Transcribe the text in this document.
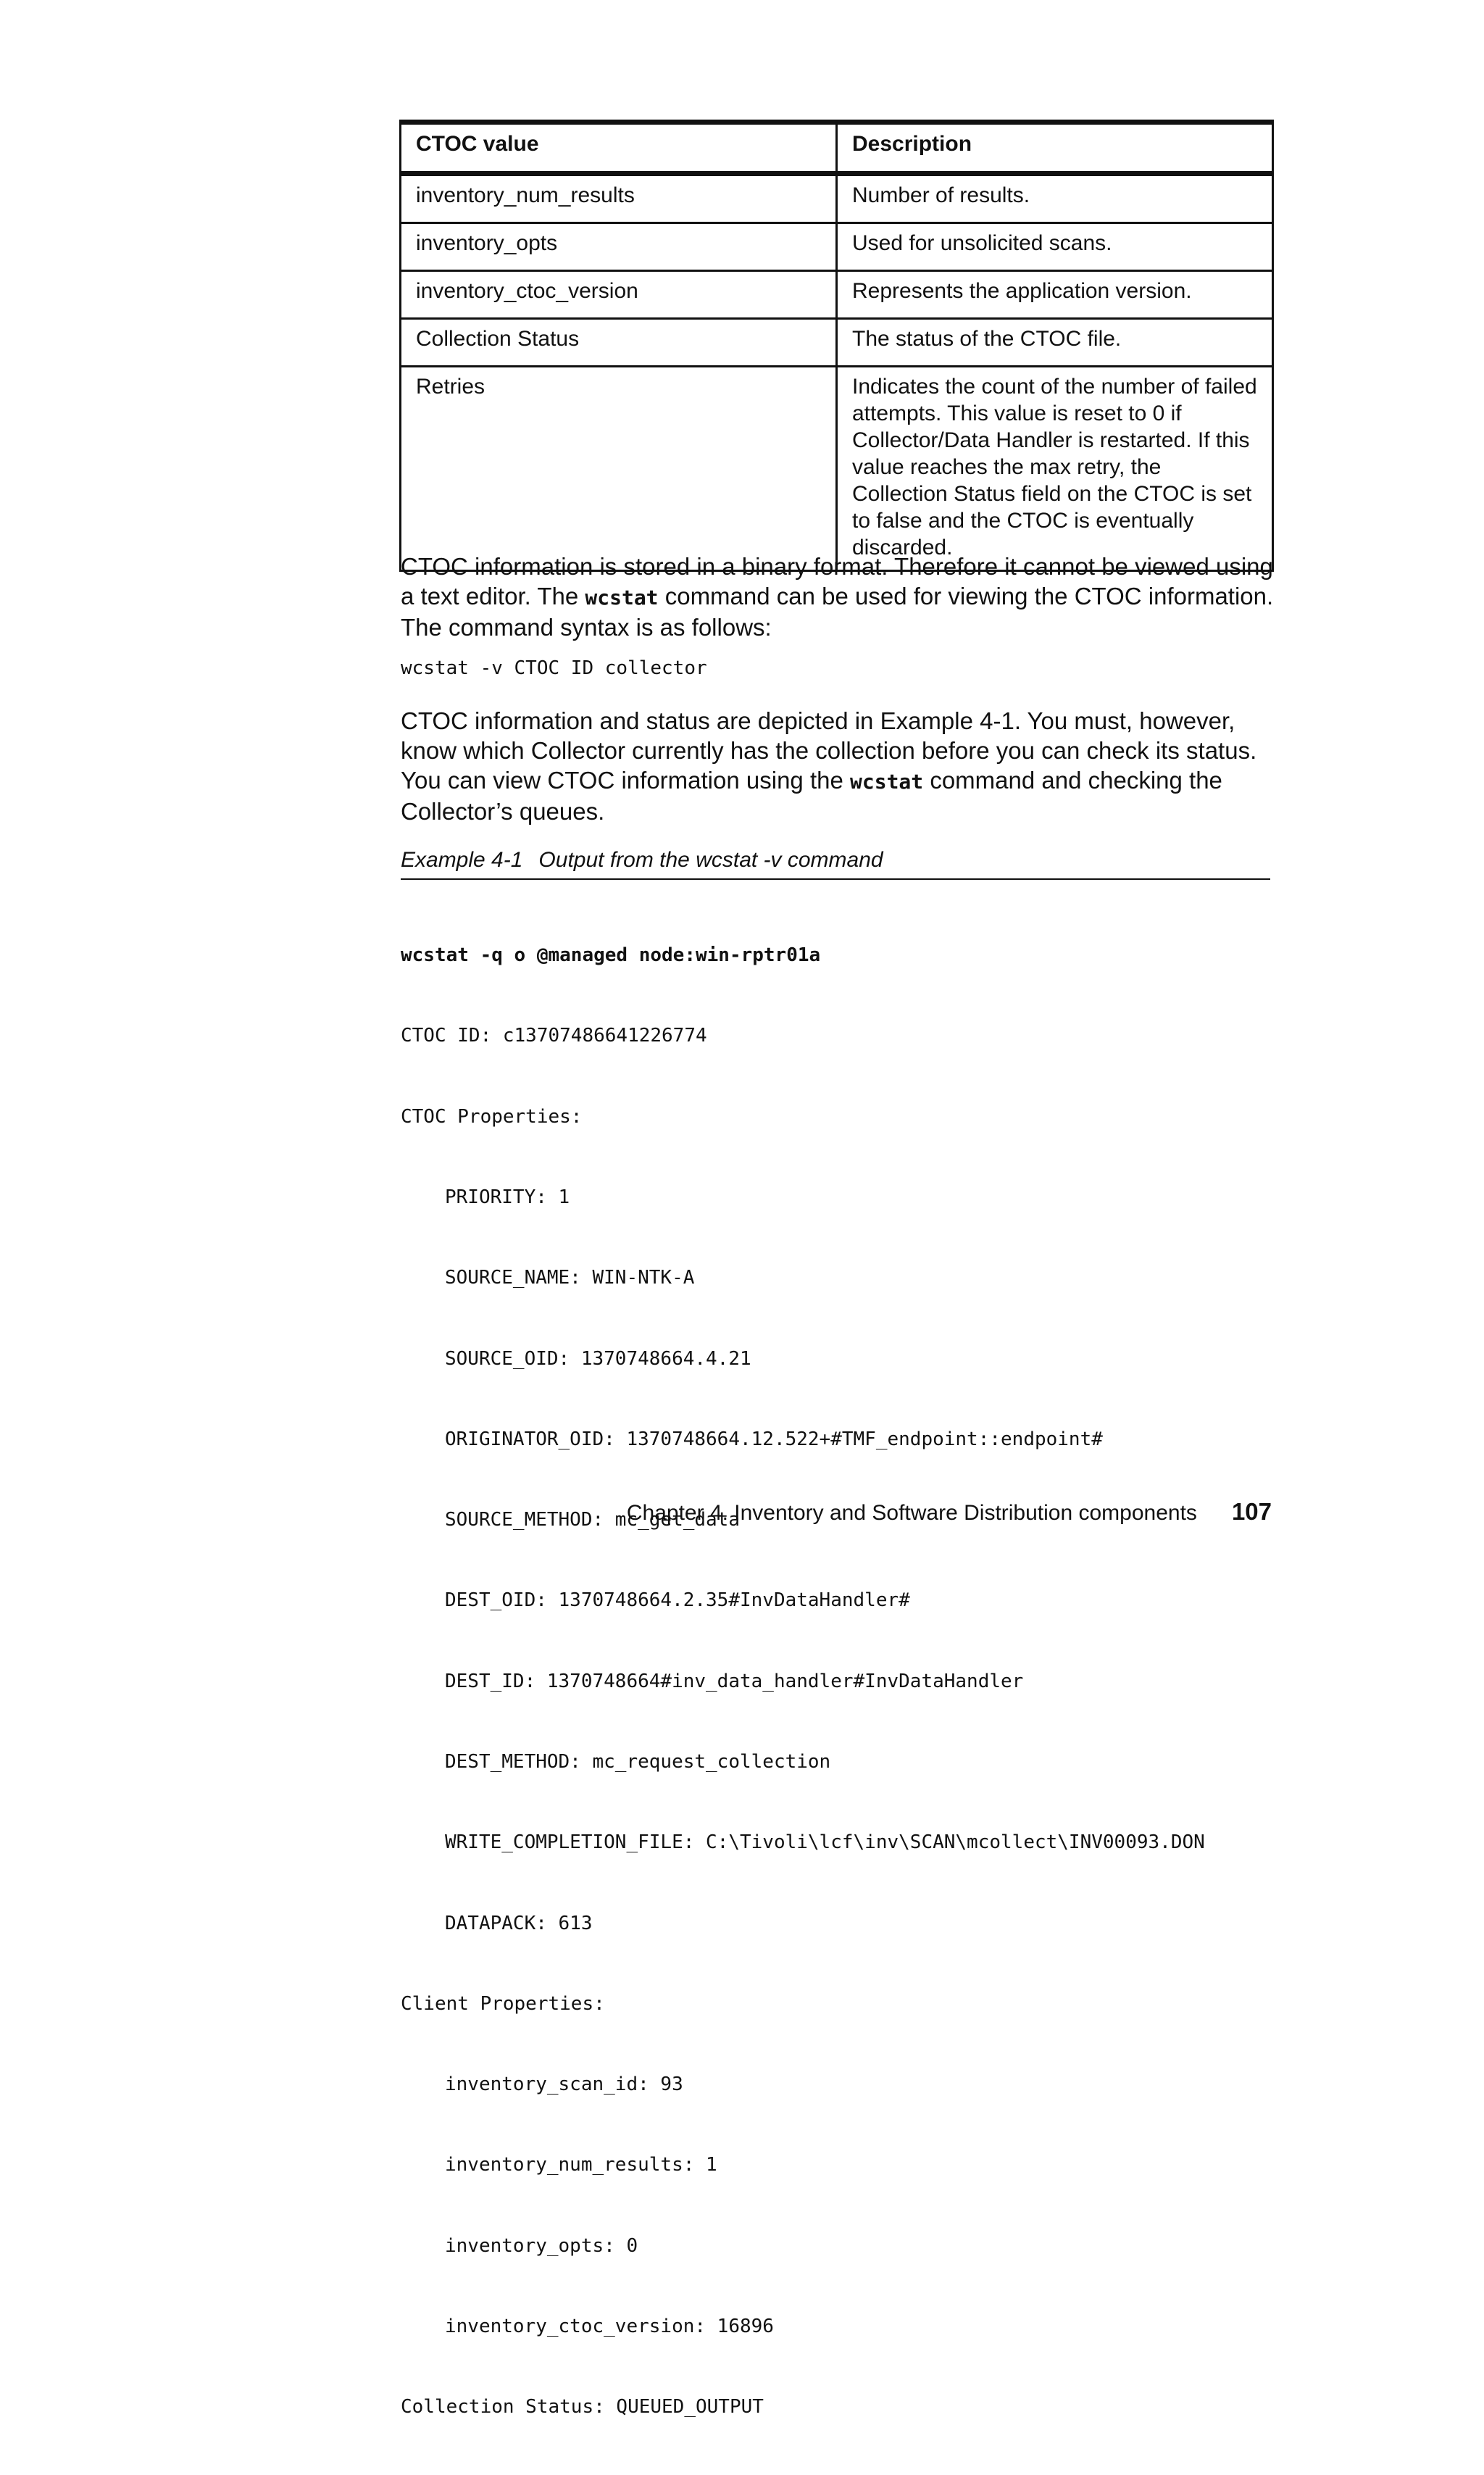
CTOC value	Description
inventory_num_results	Number of results.
inventory_opts	Used for unsolicited scans.
inventory_ctoc_version	Represents the application version.
Collection Status	The status of the CTOC file.
Retries	Indicates the count of the number of failed attempts. This value is reset to 0 if Collector/Data Handler is restarted. If this value reaches the max retry, the Collection Status field on the CTOC is set to false and the CTOC is eventually discarded.

CTOC information is stored in a binary format. Therefore it cannot be viewed using a text editor. The wcstat command can be used for viewing the CTOC information. The command syntax is as follows:

wcstat -v CTOC ID collector

CTOC information and status are depicted in Example 4-1. You must, however, know which Collector currently has the collection before you can check its status. You can view CTOC information using the wcstat command and checking the Collector’s queues.

Example 4-1 Output from the wcstat -v command

wcstat -q o @managed node:win-rptr01a

CTOC ID: c13707486641226774

CTOC Properties:

PRIORITY: 1

SOURCE_NAME: WIN-NTK-A

SOURCE_OID: 1370748664.4.21

ORIGINATOR_OID: 1370748664.12.522+#TMF_endpoint::endpoint#

SOURCE_METHOD: mc_get_data

DEST_OID: 1370748664.2.35#InvDataHandler#

DEST_ID: 1370748664#inv_data_handler#InvDataHandler

DEST_METHOD: mc_request_collection

WRITE_COMPLETION_FILE: C:\Tivoli\lcf\inv\SCAN\mcollect\INV00093.DON

DATAPACK: 613

Client Properties:

inventory_scan_id: 93

inventory_num_results: 1

inventory_opts: 0

inventory_ctoc_version: 16896

Collection Status: QUEUED_OUTPUT

Chapter 4. Inventory and Software Distribution components 107
